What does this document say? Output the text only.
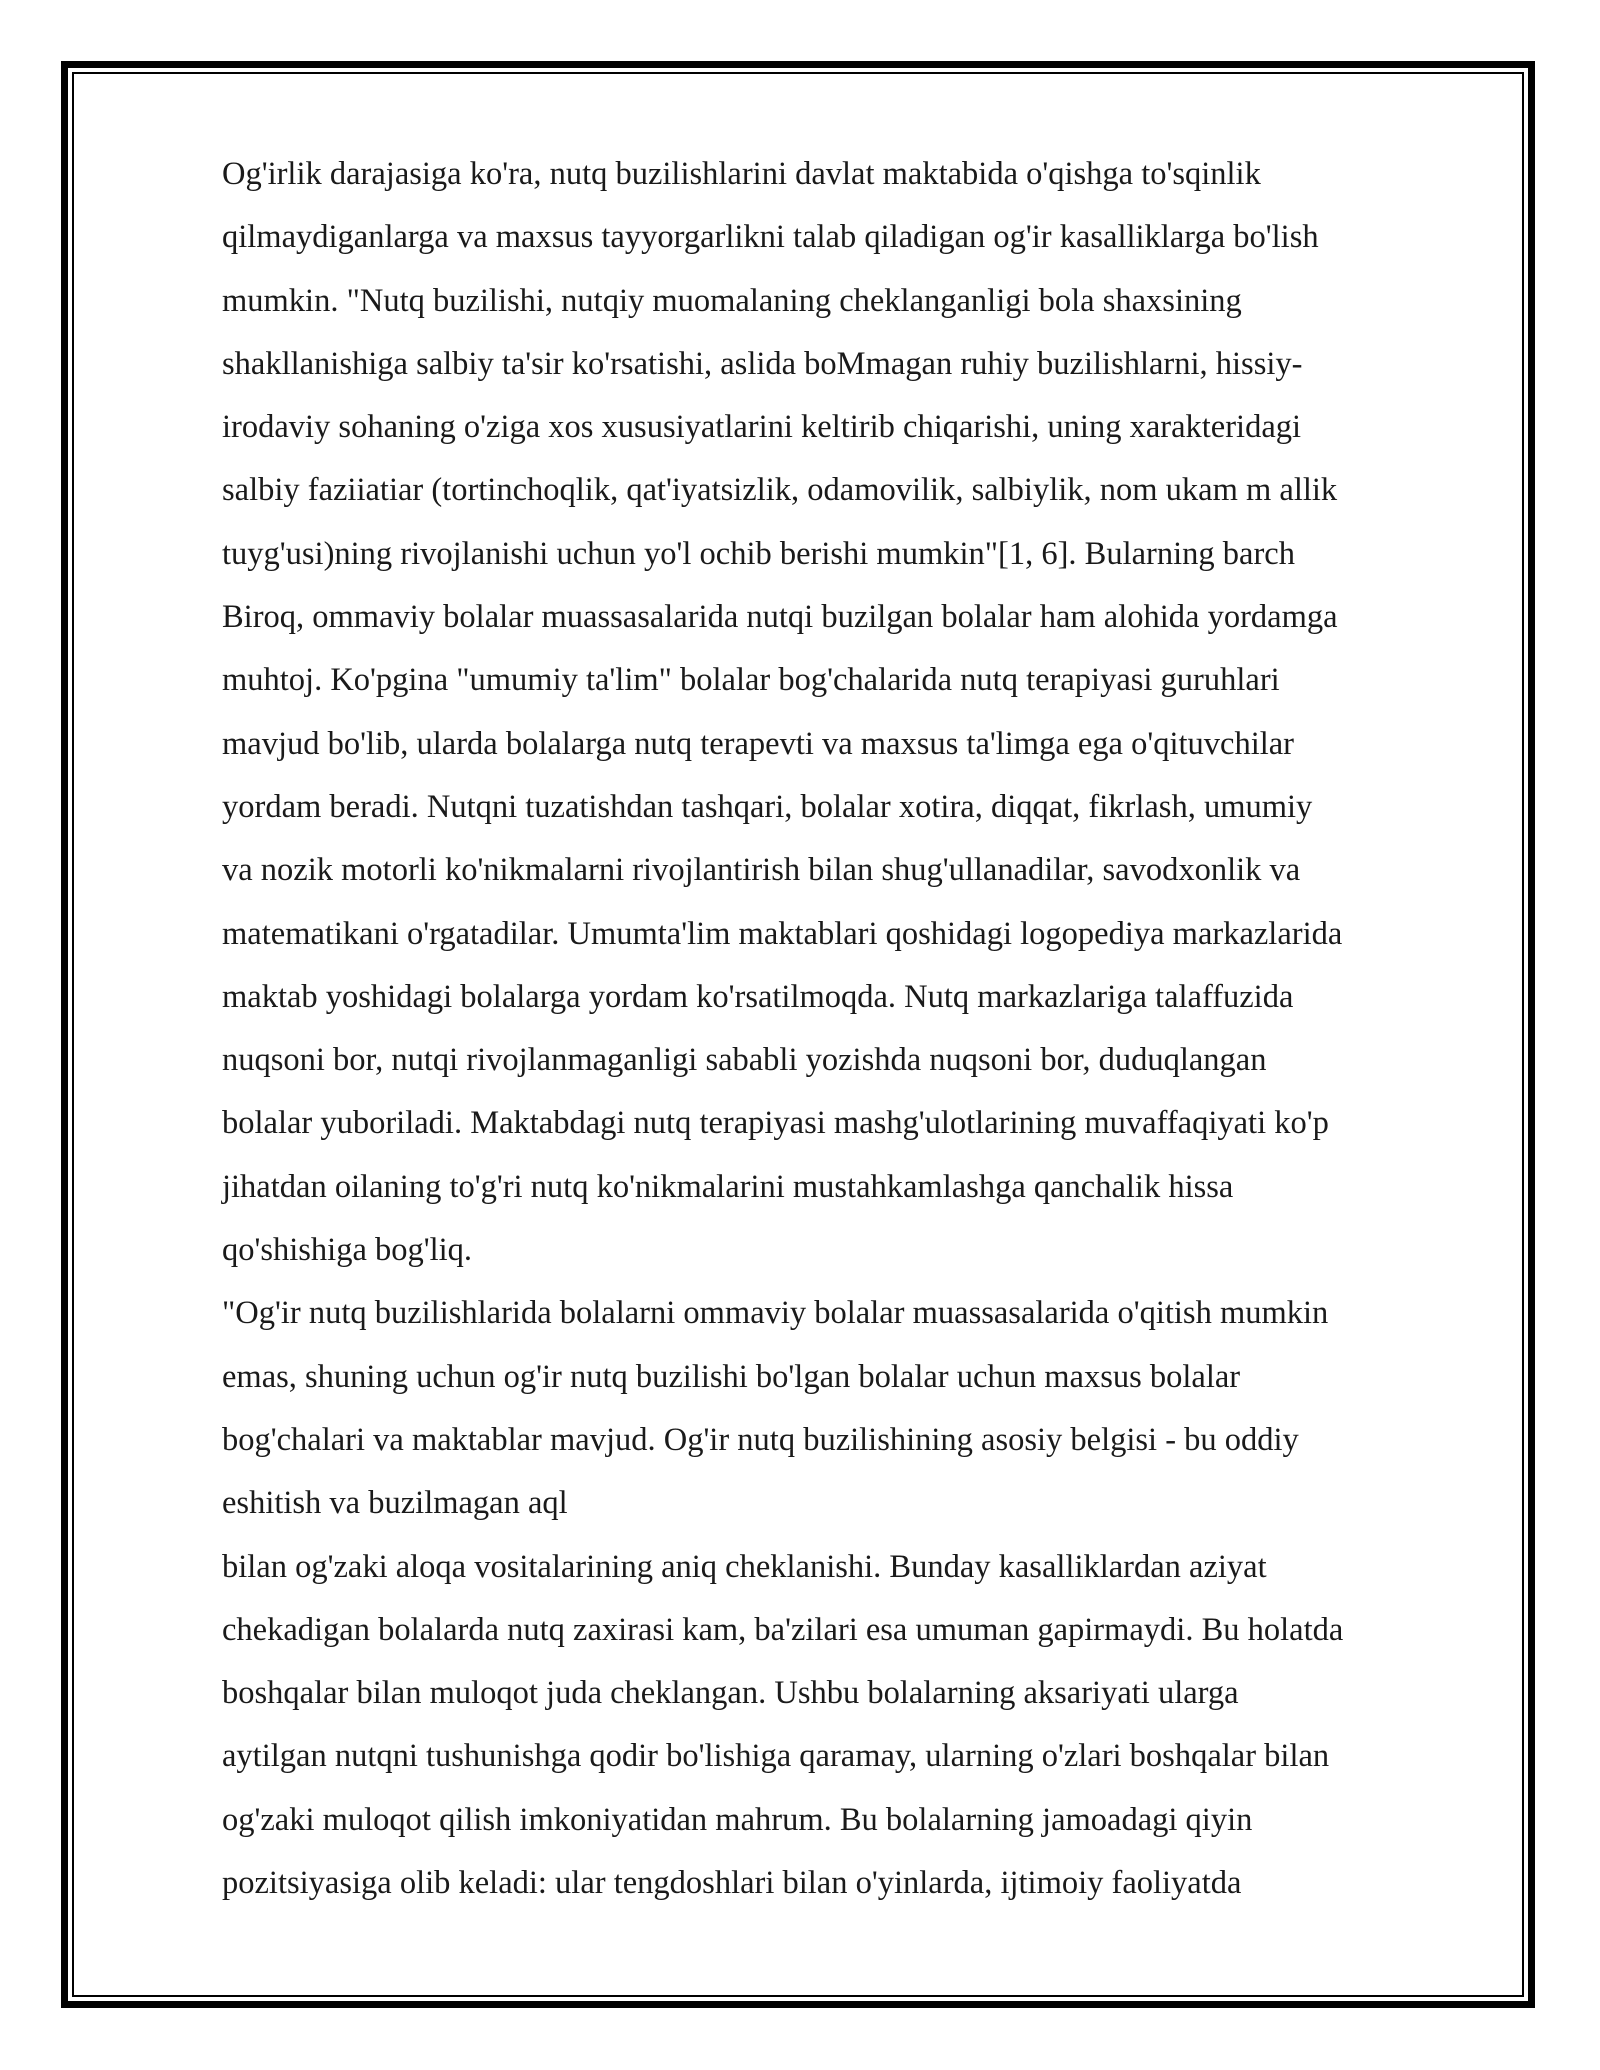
Og'irlik darajasiga ko'ra, nutq buzilishlarini davlat maktabida o'qishga to'sqinlik
qilmaydiganlarga va maxsus tayyorgarlikni talab qiladigan og'ir kasalliklarga bo'lish
mumkin. "Nutq buzilishi, nutqiy muomalaning cheklanganligi bola shaxsining
shakllanishiga salbiy ta'sir ko'rsatishi, aslida boMmagan ruhiy buzilishlarni, hissiy-
irodaviy sohaning o'ziga xos xususiyatlarini keltirib chiqarishi, uning xarakteridagi
salbiy faziiatiar (tortinchoqlik, qat'iyatsizlik, odamovilik, salbiylik, nom ukam m allik
tuyg'usi)ning rivojlanishi uchun yo'l ochib berishi mumkin"[1, 6]. Bularning barch
Biroq, ommaviy bolalar muassasalarida nutqi buzilgan bolalar ham alohida yordamga
muhtoj. Ko'pgina "umumiy ta'lim" bolalar bog'chalarida nutq terapiyasi guruhlari
mavjud bo'lib, ularda bolalarga nutq terapevti va maxsus ta'limga ega o'qituvchilar
yordam beradi. Nutqni tuzatishdan tashqari, bolalar xotira, diqqat, fikrlash, umumiy
va nozik motorli ko'nikmalarni rivojlantirish bilan shug'ullanadilar, savodxonlik va
matematikani o'rgatadilar. Umumta'lim maktablari qoshidagi logopediya markazlarida
maktab yoshidagi bolalarga yordam ko'rsatilmoqda. Nutq markazlariga talaffuzida
nuqsoni bor, nutqi rivojlanmaganligi sababli yozishda nuqsoni bor, duduqlangan
bolalar yuboriladi. Maktabdagi nutq terapiyasi mashg'ulotlarining muvaffaqiyati ko'p
jihatdan oilaning to'g'ri nutq ko'nikmalarini mustahkamlashga qanchalik hissa
qo'shishiga bog'liq.
"Og'ir nutq buzilishlarida bolalarni ommaviy bolalar muassasalarida o'qitish mumkin
emas, shuning uchun og'ir nutq buzilishi bo'lgan bolalar uchun maxsus bolalar
bog'chalari va maktablar mavjud. Og'ir nutq buzilishining asosiy belgisi - bu oddiy
eshitish va buzilmagan aql
bilan og'zaki aloqa vositalarining aniq cheklanishi. Bunday kasalliklardan aziyat
chekadigan bolalarda nutq zaxirasi kam, ba'zilari esa umuman gapirmaydi. Bu holatda
boshqalar bilan muloqot juda cheklangan. Ushbu bolalarning aksariyati ularga
aytilgan nutqni tushunishga qodir bo'lishiga qaramay, ularning o'zlari boshqalar bilan
og'zaki muloqot qilish imkoniyatidan mahrum. Bu bolalarning jamoadagi qiyin
pozitsiyasiga olib keladi: ular tengdoshlari bilan o'yinlarda, ijtimoiy faoliyatda
